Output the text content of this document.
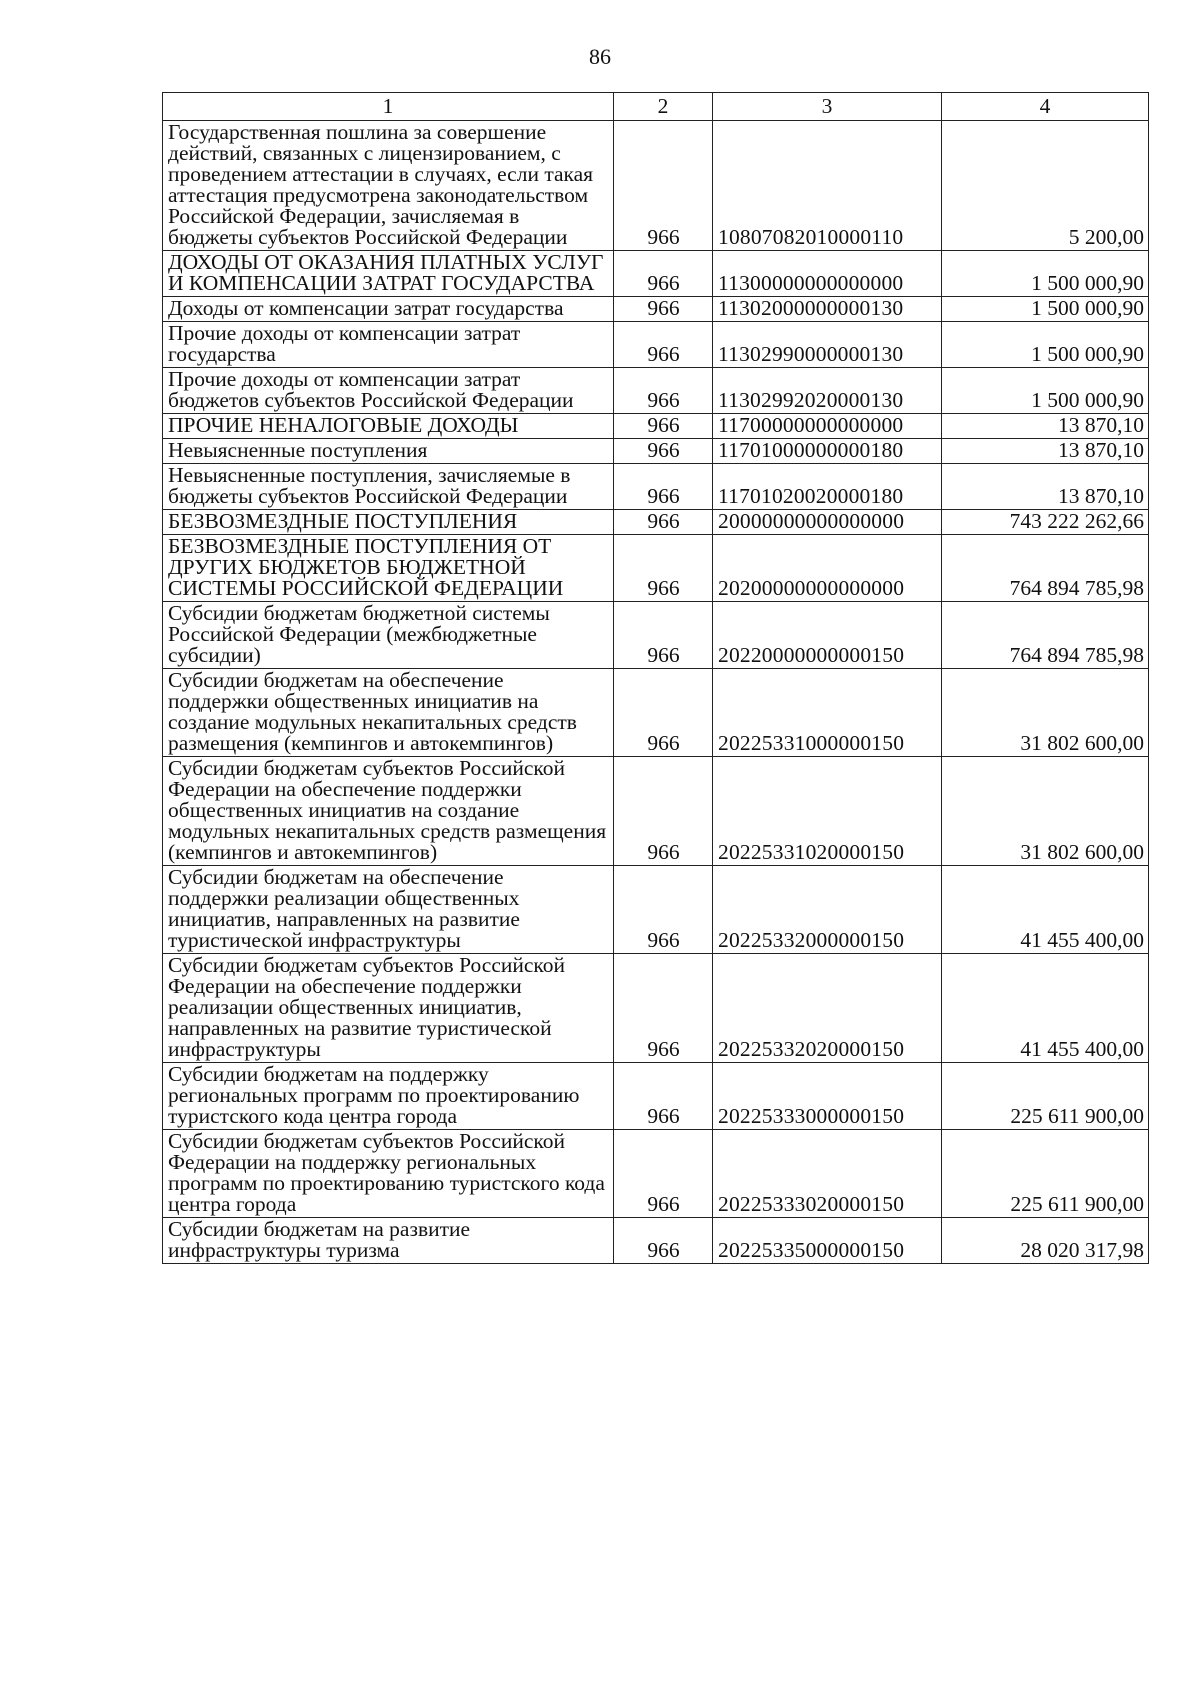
86
1	2	3	4
Государственная пошлина за совершение действий, связанных с лицензированием, с проведением аттестации в случаях, если такая аттестация предусмотрена законодательством Российской Федерации, зачисляемая в бюджеты субъектов Российской Федерации	966	10807082010000110	5 200,00
ДОХОДЫ ОТ ОКАЗАНИЯ ПЛАТНЫХ УСЛУГ И КОМПЕНСАЦИИ ЗАТРАТ ГОСУДАРСТВА	966	11300000000000000	1 500 000,90
Доходы от компенсации затрат государства	966	11302000000000130	1 500 000,90
Прочие доходы от компенсации затрат государства	966	11302990000000130	1 500 000,90
Прочие доходы от компенсации затрат бюджетов субъектов Российской Федерации	966	11302992020000130	1 500 000,90
ПРОЧИЕ НЕНАЛОГОВЫЕ ДОХОДЫ	966	11700000000000000	13 870,10
Невыясненные поступления	966	11701000000000180	13 870,10
Невыясненные поступления, зачисляемые в бюджеты субъектов Российской Федерации	966	11701020020000180	13 870,10
БЕЗВОЗМЕЗДНЫЕ ПОСТУПЛЕНИЯ	966	20000000000000000	743 222 262,66
БЕЗВОЗМЕЗДНЫЕ ПОСТУПЛЕНИЯ ОТ ДРУГИХ БЮДЖЕТОВ БЮДЖЕТНОЙ СИСТЕМЫ РОССИЙСКОЙ ФЕДЕРАЦИИ	966	20200000000000000	764 894 785,98
Субсидии бюджетам бюджетной системы Российской Федерации (межбюджетные субсидии)	966	20220000000000150	764 894 785,98
Субсидии бюджетам на обеспечение поддержки общественных инициатив на создание модульных некапитальных средств размещения (кемпингов и автокемпингов)	966	20225331000000150	31 802 600,00
Субсидии бюджетам субъектов Российской Федерации на обеспечение поддержки общественных инициатив на создание модульных некапитальных средств размещения (кемпингов и автокемпингов)	966	20225331020000150	31 802 600,00
Субсидии бюджетам на обеспечение поддержки реализации общественных инициатив, направленных на развитие туристической инфраструктуры	966	20225332000000150	41 455 400,00
Субсидии бюджетам субъектов Российской Федерации на обеспечение поддержки реализации общественных инициатив, направленных на развитие туристической инфраструктуры	966	20225332020000150	41 455 400,00
Субсидии бюджетам на поддержку региональных программ по проектированию туристского кода центра города	966	20225333000000150	225 611 900,00
Субсидии бюджетам субъектов Российской Федерации на поддержку региональных программ по проектированию туристского кода центра города	966	20225333020000150	225 611 900,00
Субсидии бюджетам на развитие инфраструктуры туризма	966	20225335000000150	28 020 317,98
